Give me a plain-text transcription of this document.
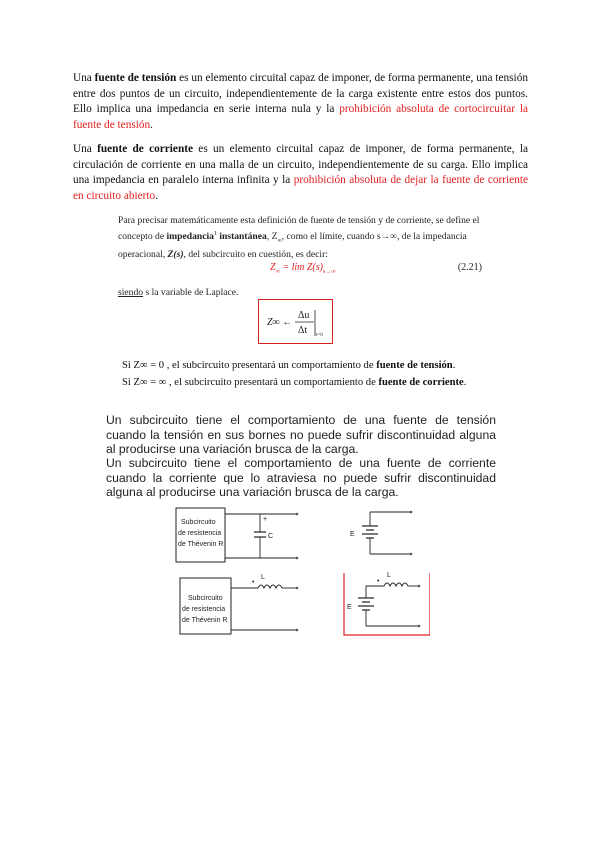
Una fuente de tensión es un elemento circuital capaz de imponer, de forma permanente, una tensión entre dos puntos de un circuito, independientemente de la carga existente entre estos dos puntos. Ello implica una impedancia en serie interna nula y la prohibición absoluta de cortocircuitar la fuente de tensión.

Una fuente de corriente es un elemento circuital capaz de imponer, de forma permanente, la circulación de corriente en una malla de un circuito, independientemente de su carga. Ello implica una impedancia en paralelo interna infinita y la prohibición absoluta de dejar la fuente de corriente en circuito abierto.

Para precisar matemáticamente esta definición de fuente de tensión y de corriente, se define el concepto de impedancia$^1$ instantánea, $Z_\infty$, como el límite, cuando s→∞, de la impedancia operacional, Z(s), del subcircuito en cuestión, es decir:

$Z_\infty = \lim Z(s)_{s\to\infty}$	(2.21)
siendo s la variable de Laplace.
Z∞ ←
Δu
Δt t=0
Si Z∞ = 0 , el subcircuito presentará un comportamiento de fuente de tensión.
Si Z∞ = ∞ , el subcircuito presentará un comportamiento de fuente de corriente.

Un subcircuito tiene el comportamiento de una fuente de tensión cuando la tensión en sus bornes no puede sufrir discontinuidad alguna al producirse una variación brusca de la carga.

Un subcircuito tiene el comportamiento de una fuente de corriente cuando la corriente que lo atraviesa no puede sufrir discontinuidad alguna al producirse una variación brusca de la carga.

Subcircuito
de resistencia
de Thévenin R
+
C	E
Subcircuito
de resistencia
de Thévenin R
L
•
L
•
E
